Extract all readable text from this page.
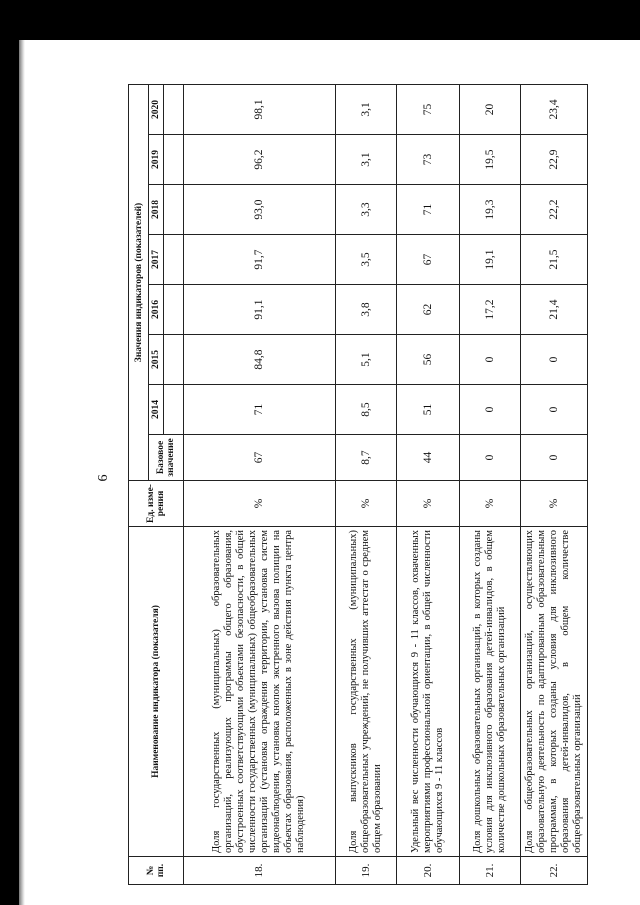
6
№ пп.	Наименование индикатора (показателя)	Ед. изме-рения	Значения индикаторов (показателей)							
			Базовое значение	2014	2015	2016	2017	2018	2019	2020

18.	Доля государственных (муниципальных) образовательных организаций, реализующих программы общего образования, обустроенных соответствующими объектами безопасности, в общей численности государственных (муниципальных) общеобразовательных организаций (установка ограждения территории, установка систем видеонаблюдения, установка кнопок экстренного вызова полиции на объектах образования, расположенных в зоне действия пункта центра наблюдения)	%	67	71	84,8	91,1	91,7	93,0	96,2	98,1
19.	Доля выпускников государственных (муниципальных) общеобразовательных учреждений, не получивших аттестат о среднем общем образовании	%	8,7	8,5	5,1	3,8	3,5	3,3	3,1	3,1
20.	Удельный вес численности обучающихся 9 - 11 классов, охваченных мероприятиями профессиональной ориентации, в общей численности обучающихся 9 - 11 классов	%	44	51	56	62	67	71	73	75
21.	Доля дошкольных образовательных организаций, в которых созданы условия для инклюзивного образования детей-инвалидов, в общем количестве дошкольных образовательных организаций	%	0	0	0	17,2	19,1	19,3	19,5	20
22.	Доля общеобразовательных организаций, осуществляющих образовательную деятельность по адаптированным образовательным программам, в которых созданы условия для инклюзивного образования детей-инвалидов, в общем количестве общеобразовательных организаций	%	0	0	0	21,4	21,5	22,2	22,9	23,4
